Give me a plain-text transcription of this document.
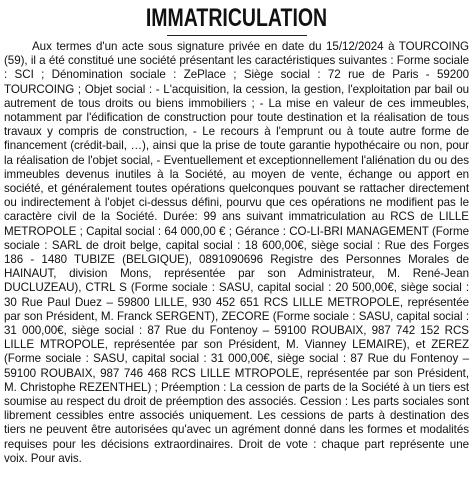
IMMATRICULATION

Aux termes d'un acte sous signature privée en date du 15/12/2024 à TOURCOING (59), il a été constitué une société présentant les caractéristiques suivantes : Forme sociale : SCI ; Dénomination sociale : ZePlace ; Siège social : 72 rue de Paris - 59200 TOURCOING ; Objet social : - L'acquisition, la cession, la gestion, l'exploitation par bail ou autrement de tous droits ou biens immobiliers ; - La mise en valeur de ces immeubles, notamment par l'édification de construction pour toute destination et la réalisation de tous travaux y compris de construction, - Le recours à l'emprunt ou à toute autre forme de financement (crédit-bail, …), ainsi que la prise de toute garantie hypothécaire ou non, pour la réalisation de l'objet social, - Eventuellement et exceptionnellement l'aliénation du ou des immeubles devenus inutiles à la Société, au moyen de vente, échange ou apport en société, et généralement toutes opérations quelconques pouvant se rattacher directement ou indirectement à l'objet ci-dessus défini, pourvu que ces opérations ne modifient pas le caractère civil de la Société. Durée: 99 ans suivant immatriculation au RCS de LILLE METROPOLE ; Capital social : 64 000,00 € ; Gérance : CO-LI-BRI MANAGEMENT (Forme sociale : SARL de droit belge, capital social : 18 600,00€, siège social : Rue des Forges 186 - 1480 TUBIZE (BELGIQUE), 0891090696 Registre des Personnes Morales de HAINAUT, division Mons, représentée par son Administrateur, M. René-Jean DUCLUZEAU), CTRL S (Forme sociale : SASU, capital social : 20 500,00€, siège social : 30 Rue Paul Duez – 59800 LILLE, 930 452 651 RCS LILLE METROPOLE, représentée par son Président, M. Franck SERGENT), ZECORE (Forme sociale : SASU, capital social : 31 000,00€, siège social : 87 Rue du Fontenoy – 59100 ROUBAIX, 987 742 152 RCS LILLE MTROPOLE, représentée par son Président, M. Vianney LEMAIRE), et ZEREZ (Forme sociale : SASU, capital social : 31 000,00€, siège social : 87 Rue du Fontenoy – 59100 ROUBAIX, 987 746 468 RCS LILLE MTROPOLE, représentée par son Président, M. Christophe REZENTHEL) ; Préemption : La cession de parts de la Société à un tiers est soumise au respect du droit de préemption des associés. Cession : Les parts sociales sont librement cessibles entre associés uniquement. Les cessions de parts à destination des tiers ne peuvent être autorisées qu'avec un agrément donné dans les formes et modalités requises pour les décisions extraordinaires. Droit de vote : chaque part représente une voix. Pour avis.
